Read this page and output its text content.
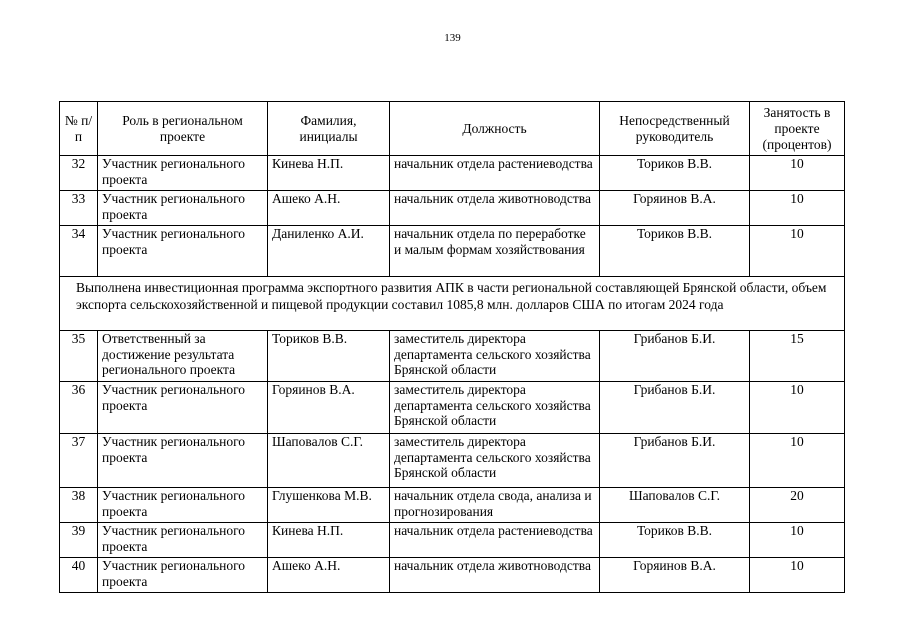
139
№ п/п	Роль в региональном проекте	Фамилия, инициалы	Должность	Непосредственный руководитель	Занятость в проекте (процентов)
32	Участник регионального проекта	Кинева Н.П.	начальник отдела растениеводства	Ториков В.В.	10
33	Участник регионального проекта	Ашеко А.Н.	начальник отдела животноводства	Горяинов В.А.	10
34	Участник регионального проекта	Даниленко А.И.	начальник отдела по переработке и малым формам хозяйствования	Ториков В.В.	10
Выполнена инвестиционная программа экспортного развития АПК в части региональной составляющей Брянской области, объем экспорта сельскохозяйственной и пищевой продукции составил 1085,8 млн. долларов США по итогам 2024 года					
35	Ответственный за достижение результата регионального проекта	Ториков В.В.	заместитель директора департамента сельского хозяйства Брянской области	Грибанов Б.И.	15
36	Участник регионального проекта	Горяинов В.А.	заместитель директора департамента сельского хозяйства Брянской области	Грибанов Б.И.	10
37	Участник регионального проекта	Шаповалов С.Г.	заместитель директора департамента сельского хозяйства Брянской области	Грибанов Б.И.	10
38	Участник регионального проекта	Глушенкова М.В.	начальник отдела свода, анализа и прогнозирования	Шаповалов С.Г.	20
39	Участник регионального проекта	Кинева Н.П.	начальник отдела растениеводства	Ториков В.В.	10
40	Участник регионального проекта	Ашеко А.Н.	начальник отдела животноводства	Горяинов В.А.	10
